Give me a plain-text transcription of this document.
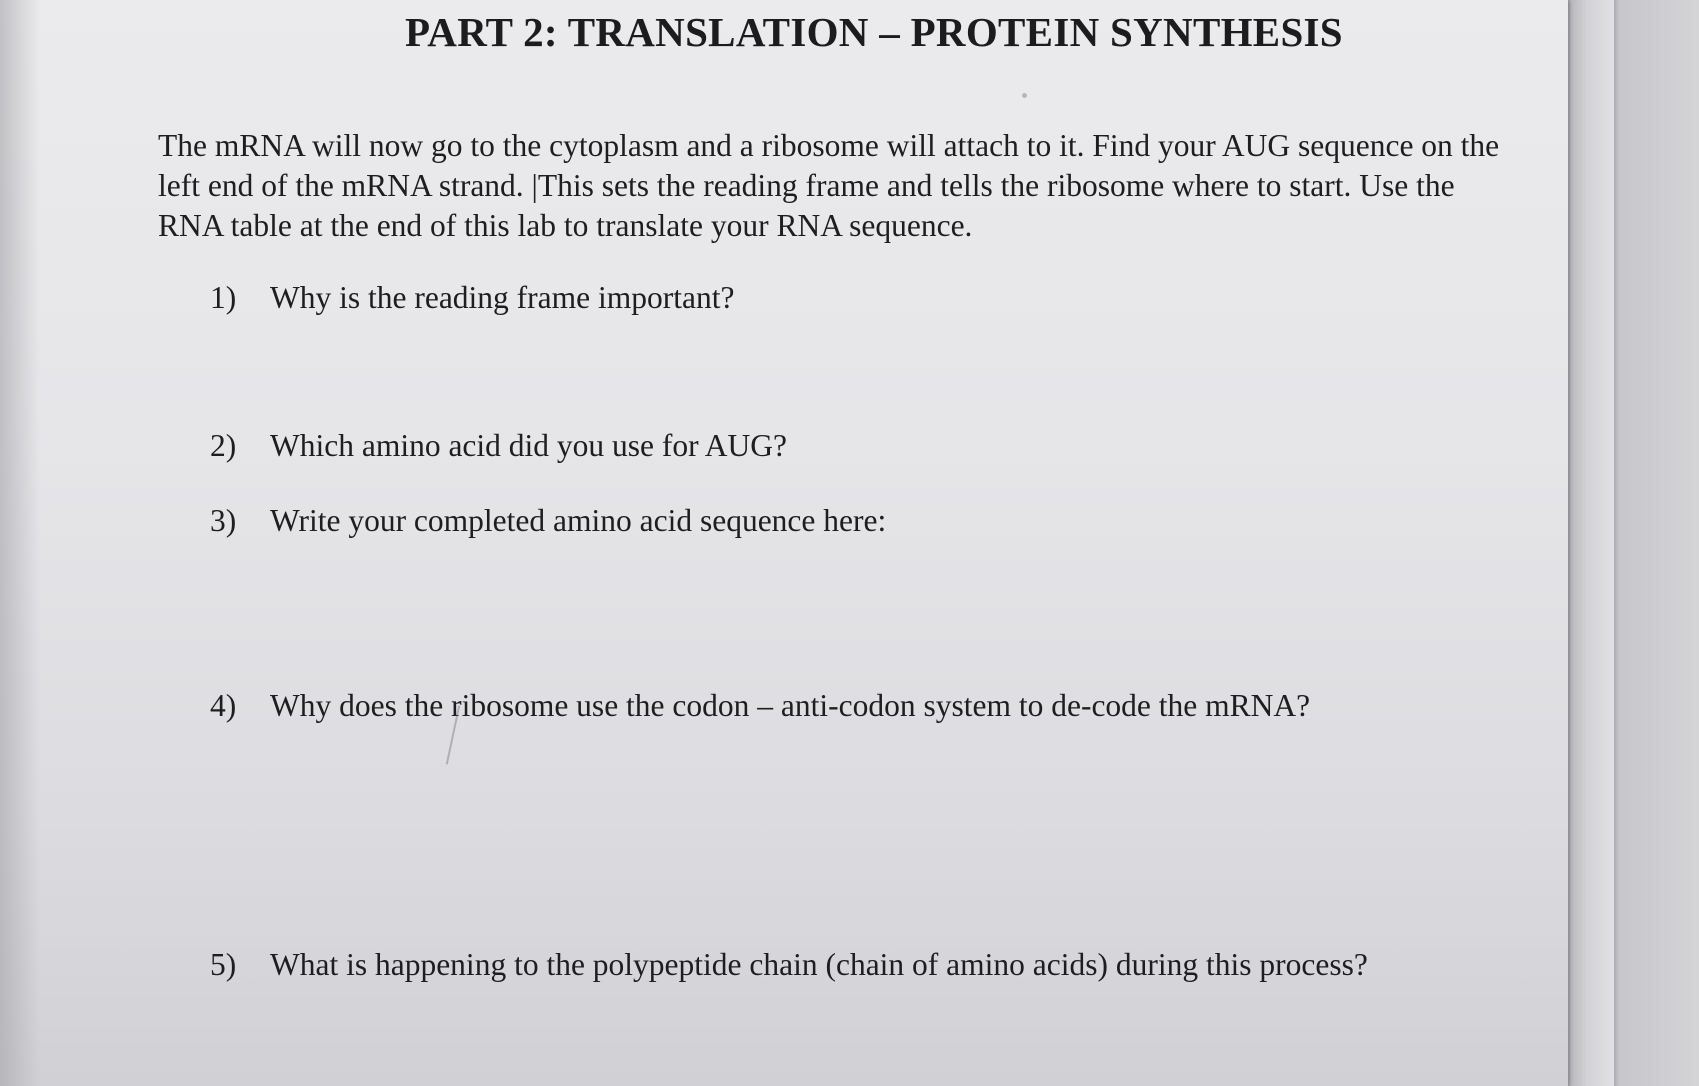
PART 2: TRANSLATION – PROTEIN SYNTHESIS

The mRNA will now go to the cytoplasm and a ribosome will attach to it. Find your AUG sequence on the left end of the mRNA strand. |This sets the reading frame and tells the ribosome where to start. Use the RNA table at the end of this lab to translate your RNA sequence.

1)	Why is the reading frame important?
2)	Which amino acid did you use for AUG?
3)	Write your completed amino acid sequence here:
4)	Why does the ribosome use the codon – anti-codon system to de-code the mRNA?
5)	What is happening to the polypeptide chain (chain of amino acids) during this process?
